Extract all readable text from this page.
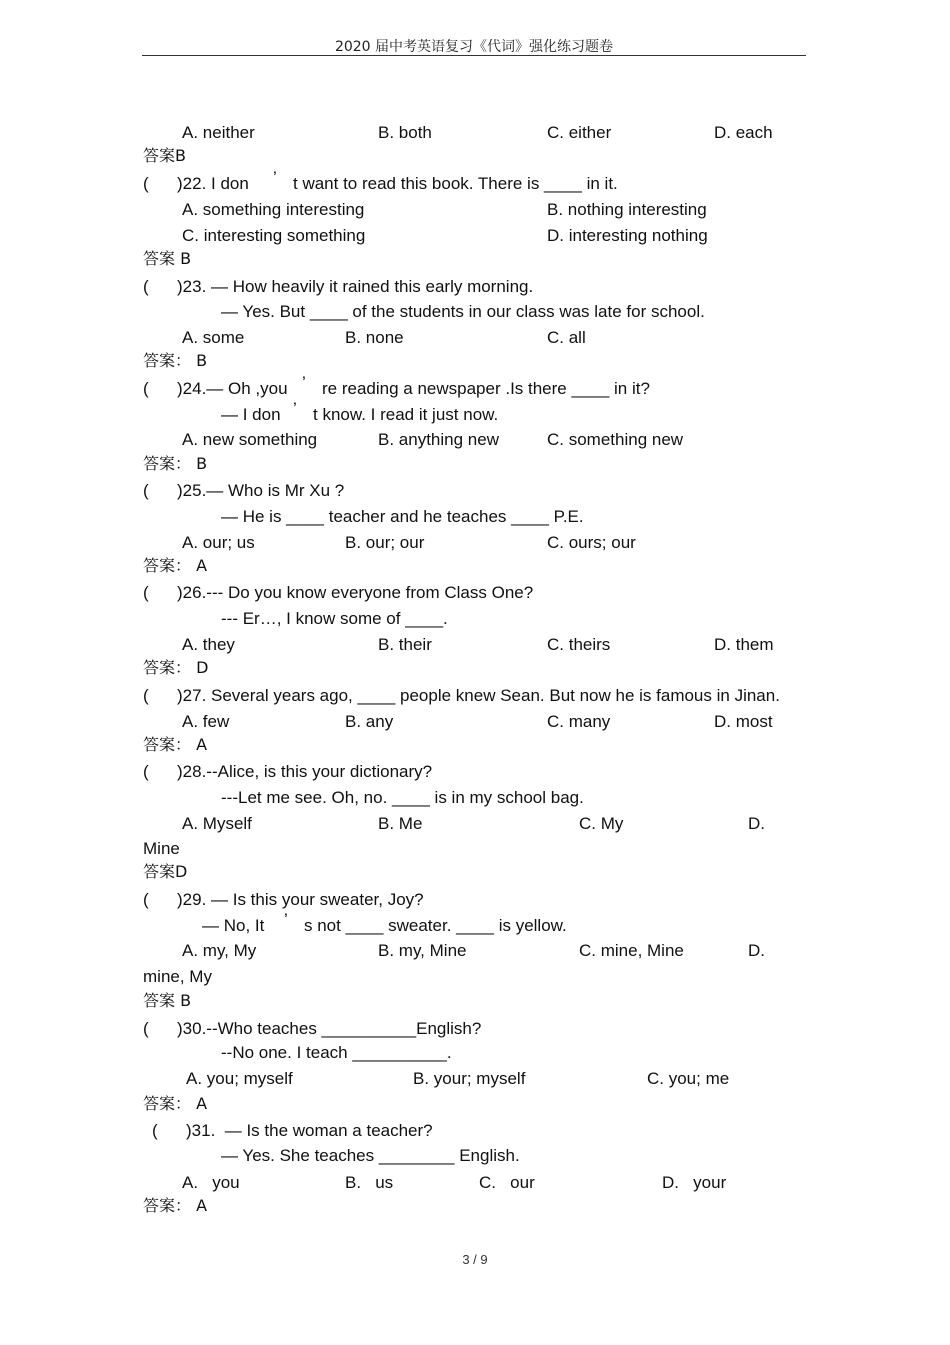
2020 届中考英语复习《代词》强化练习题卷
A. neither	B. both	C. either	D. each
答案B
(      )22. I don ’ t want to read this book. There is ____ in it.
A. something interesting	B. nothing interesting
C. interesting something	D. interesting nothing
答案 B
(      )23. — How heavily it rained this early morning.
— Yes. But ____ of the students in our class was late for school.
A. some	B. none	C. all
答案： B
(      )24.— Oh ,you ’ re reading a newspaper .Is there ____ in it?
— I don ’ t know. I read it just now.
A. new something	B. anything new	C. something new
答案： B
(      )25.— Who is Mr Xu ?
— He is ____ teacher and he teaches ____ P.E.
A. our; us	B. our; our	C. ours; our
答案： A
(      )26.--- Do you know everyone from Class One?
--- Er…, I know some of ____.
A. they	B. their	C. theirs	D. them
答案： D
(      )27. Several years ago, ____ people knew Sean. But now he is famous in Jinan.
A. few	B. any	C. many	D. most
答案： A
(      )28.--Alice, is this your dictionary?
---Let me see. Oh, no. ____ is in my school bag.
A. Myself	B. Me	C. My	D.
Mine
答案D
(      )29. — Is this your sweater, Joy?
— No, It ’ s not ____ sweater. ____ is yellow.
A. my, My	B. my, Mine	C. mine, Mine	D.
mine, My
答案 B
(      )30.--Who teaches __________English?
--No one. I teach __________.
A. you; myself	B. your; myself	C. you; me
答案： A
(      )31.  — Is the woman a teacher?
— Yes. She teaches ________ English.
A.   you	B.   us	C.   our	D.   your
答案： A
3 / 9
